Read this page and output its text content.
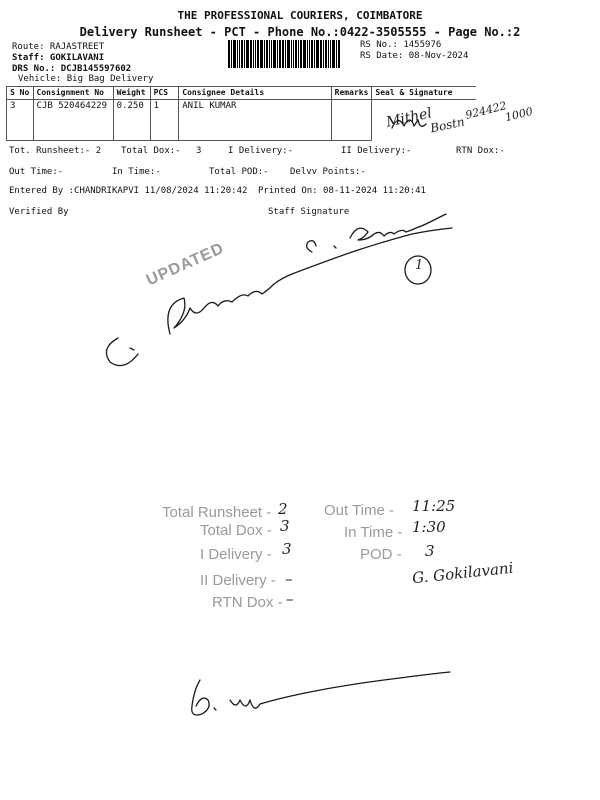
THE PROFESSIONAL COURIERS, COIMBATORE
Delivery Runsheet - PCT - Phone No.:0422-3505555 - Page No.:2
Route: RAJASTREET
Staff: GOKILAVANI
DRS No.: DCJB145597602
Vehicle: Big Bag Delivery
RS No.: 1455976
RS Date: 08-Nov-2024
S No	Consignment No	Weight	PCS	Consignee Details	Remarks	Seal & Signature
3	CJB 520464229	0.250	1	ANIL KUMAR		
Tot. Runsheet:- 2 Total Dox:- 3	I Delivery:-	II Delivery:-	RTN Dox:-
Out Time:-	In Time:-	Total POD:- Delvv Points:-
Entered By :CHANDRIKAPVI 11/08/2024 11:20:42 Printed On: 08-11-2024 11:20:41
Verified By	Staff Signature
Mithel
Bostn
924422
1000
UPDATED	1
Total Runsheet - 2
Total Dox - 3
I Delivery - 3
II Delivery - –
RTN Dox - –
Out Time - 11:25
In Time - 1:30
POD - 3
G. Gokilavani
